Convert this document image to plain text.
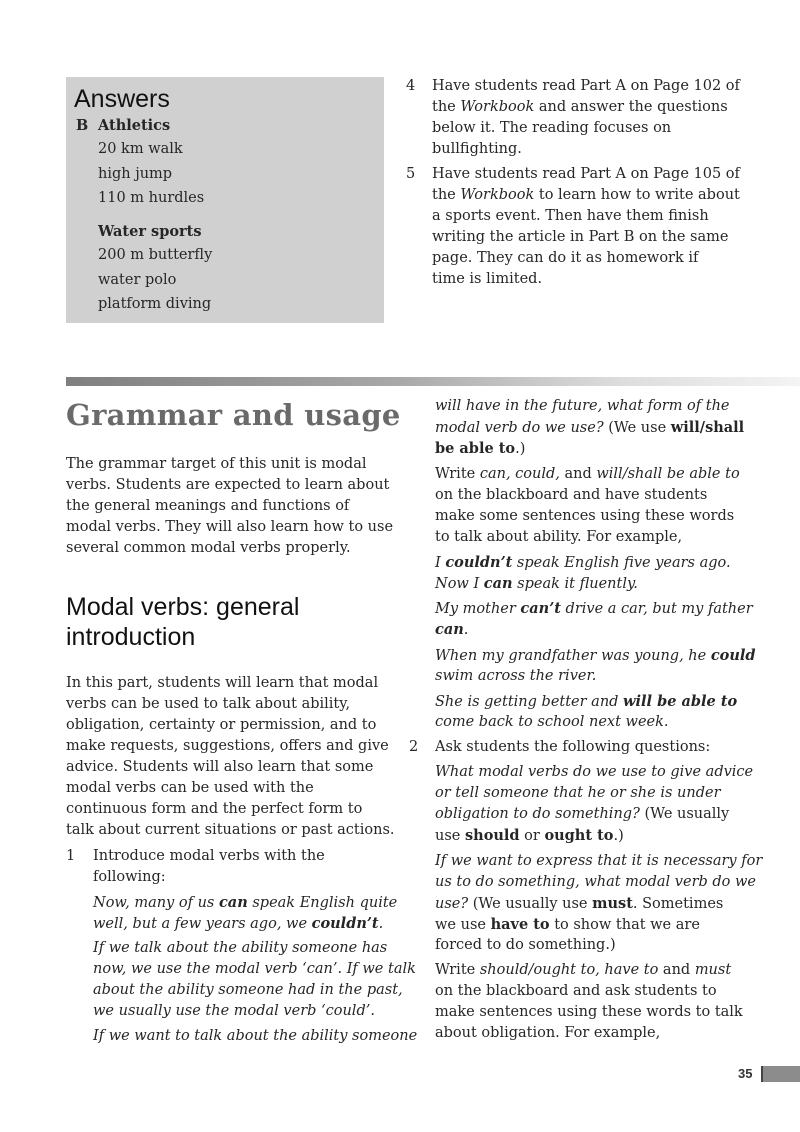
Answers
B Athletics
20 km walk
high jump
110 m hurdles
Water sports
200 m butterfly
water polo
platform diving
4 Have students read Part A on Page 102 of
the Workbook and answer the questions
below it. The reading focuses on
bullfighting.
5 Have students read Part A on Page 105 of
the Workbook to learn how to write about
a sports event. Then have them finish
writing the article in Part B on the same
page. They can do it as homework if
time is limited.
Grammar and usage
The grammar target of this unit is modal
verbs. Students are expected to learn about
the general meanings and functions of
modal verbs. They will also learn how to use
several common modal verbs properly.
Modal verbs: general introduction
In this part, students will learn that modal
verbs can be used to talk about ability,
obligation, certainty or permission, and to
make requests, suggestions, offers and give
advice. Students will also learn that some
modal verbs can be used with the
continuous form and the perfect form to
talk about current situations or past actions.
1 Introduce modal verbs with the
following:
Now, many of us can speak English quite
well, but a few years ago, we couldn’t.
If we talk about the ability someone has
now, we use the modal verb ‘can’. If we talk
about the ability someone had in the past,
we usually use the modal verb ‘could’.
If we want to talk about the ability someone
will have in the future, what form of the
modal verb do we use? (We use will/shall
be able to.)
Write can, could, and will/shall be able to
on the blackboard and have students
make some sentences using these words
to talk about ability. For example,
I couldn’t speak English five years ago.
Now I can speak it fluently.
My mother can’t drive a car, but my father
can.
When my grandfather was young, he could
swim across the river.
She is getting better and will be able to
come back to school next week.
2 Ask students the following questions:
What modal verbs do we use to give advice
or tell someone that he or she is under
obligation to do something? (We usually
use should or ought to.)
If we want to express that it is necessary for
us to do something, what modal verb do we
use? (We usually use must. Sometimes
we use have to to show that we are
forced to do something.)
Write should/ought to, have to and must
on the blackboard and ask students to
make sentences using these words to talk
about obligation. For example,
35
